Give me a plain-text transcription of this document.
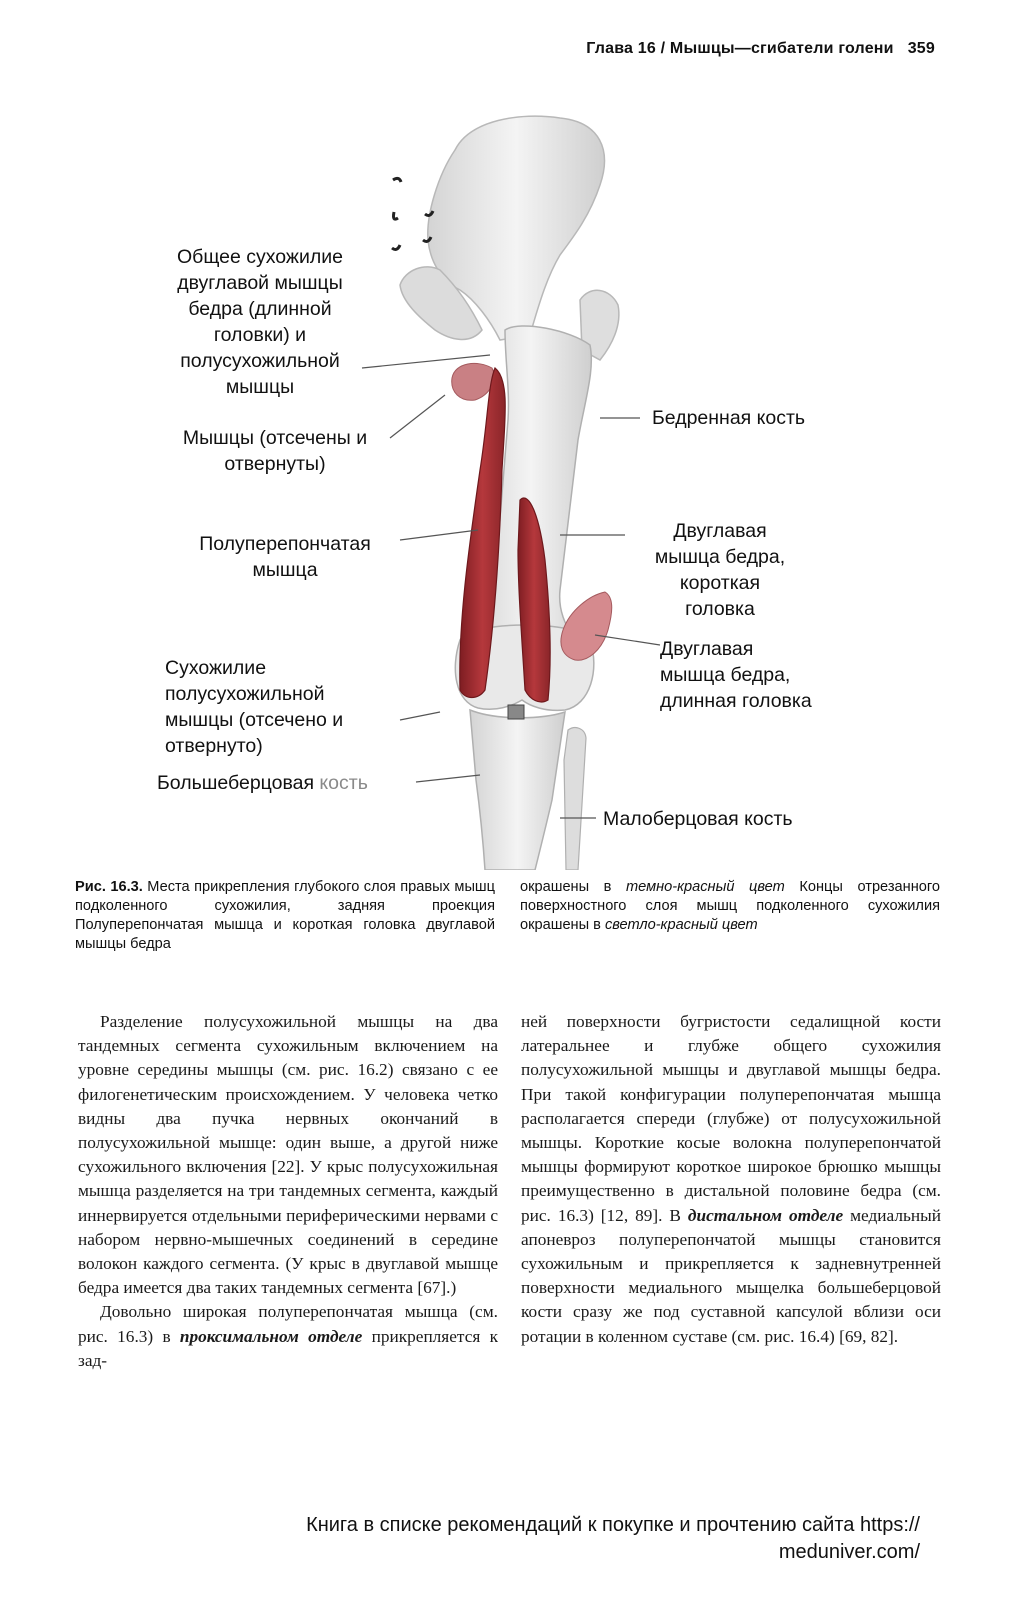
Глава 16 / Мышцы—сгибатели голени 359
Общее сухожилие
двуглавой мышцы
бедра (длинной
головки) и
полусухожильной
мышцы
Мышцы (отсечены и
отвернуты)
Полуперепончатая
мышца
Сухожилие
полусухожильной
мышцы (отсечено и
отвернуто)
Большеберцовая кость
Бедренная кость
Двуглавая
мышца бедра,
короткая
головка
Двуглавая
мышца бедра,
длинная головка
Малоберцовая кость
Рис. 16.3. Места прикрепления глубокого слоя правых мышц подколенного сухожилия, задняя проекция Полуперепончатая мышца и короткая головка двуглавой мышцы бедра
окрашены в темно-красный цвет Концы отрезанного поверхностного слоя мышц подколенного сухожилия окрашены в светло-красный цвет

Разделение полусухожильной мышцы на два тандемных сегмента сухожильным включением на уровне середины мышцы (см. рис. 16.2) связано с ее филогенетическим происхождением. У человека четко видны два пучка нервных окончаний в полусухожильной мышце: один выше, а другой ниже сухожильного включения [22]. У крыс полусухожильная мышца разделяется на три тандемных сегмента, каждый иннервируется отдельными периферическими нервами с набором нервно-мышечных соединений в середине волокон каждого сегмента. (У крыс в двуглавой мышце бедра имеется два таких тандемных сегмента [67].)

Довольно широкая полуперепончатая мышца (см. рис. 16.3) в проксимальном отделе прикрепляется к зад-

ней поверхности бугристости седалищной кости латеральнее и глубже общего сухожилия полусухожильной мышцы и двуглавой мышцы бедра. При такой конфигурации полуперепончатая мышца располагается спереди (глубже) от полусухожильной мышцы. Короткие косые волокна полуперепончатой мышцы формируют короткое широкое брюшко мышцы преимущественно в дистальной половине бедра (см. рис. 16.3) [12, 89]. В дистальном отделе медиальный апоневроз полуперепончатой мышцы становится сухожильным и прикрепляется к задневнутренней поверхности медиального мыщелка большеберцовой кости сразу же под суставной капсулой вблизи оси ротации в коленном суставе (см. рис. 16.4) [69, 82].

Книга в списке рекомендаций к покупке и прочтению сайта https://
meduniver.com/
